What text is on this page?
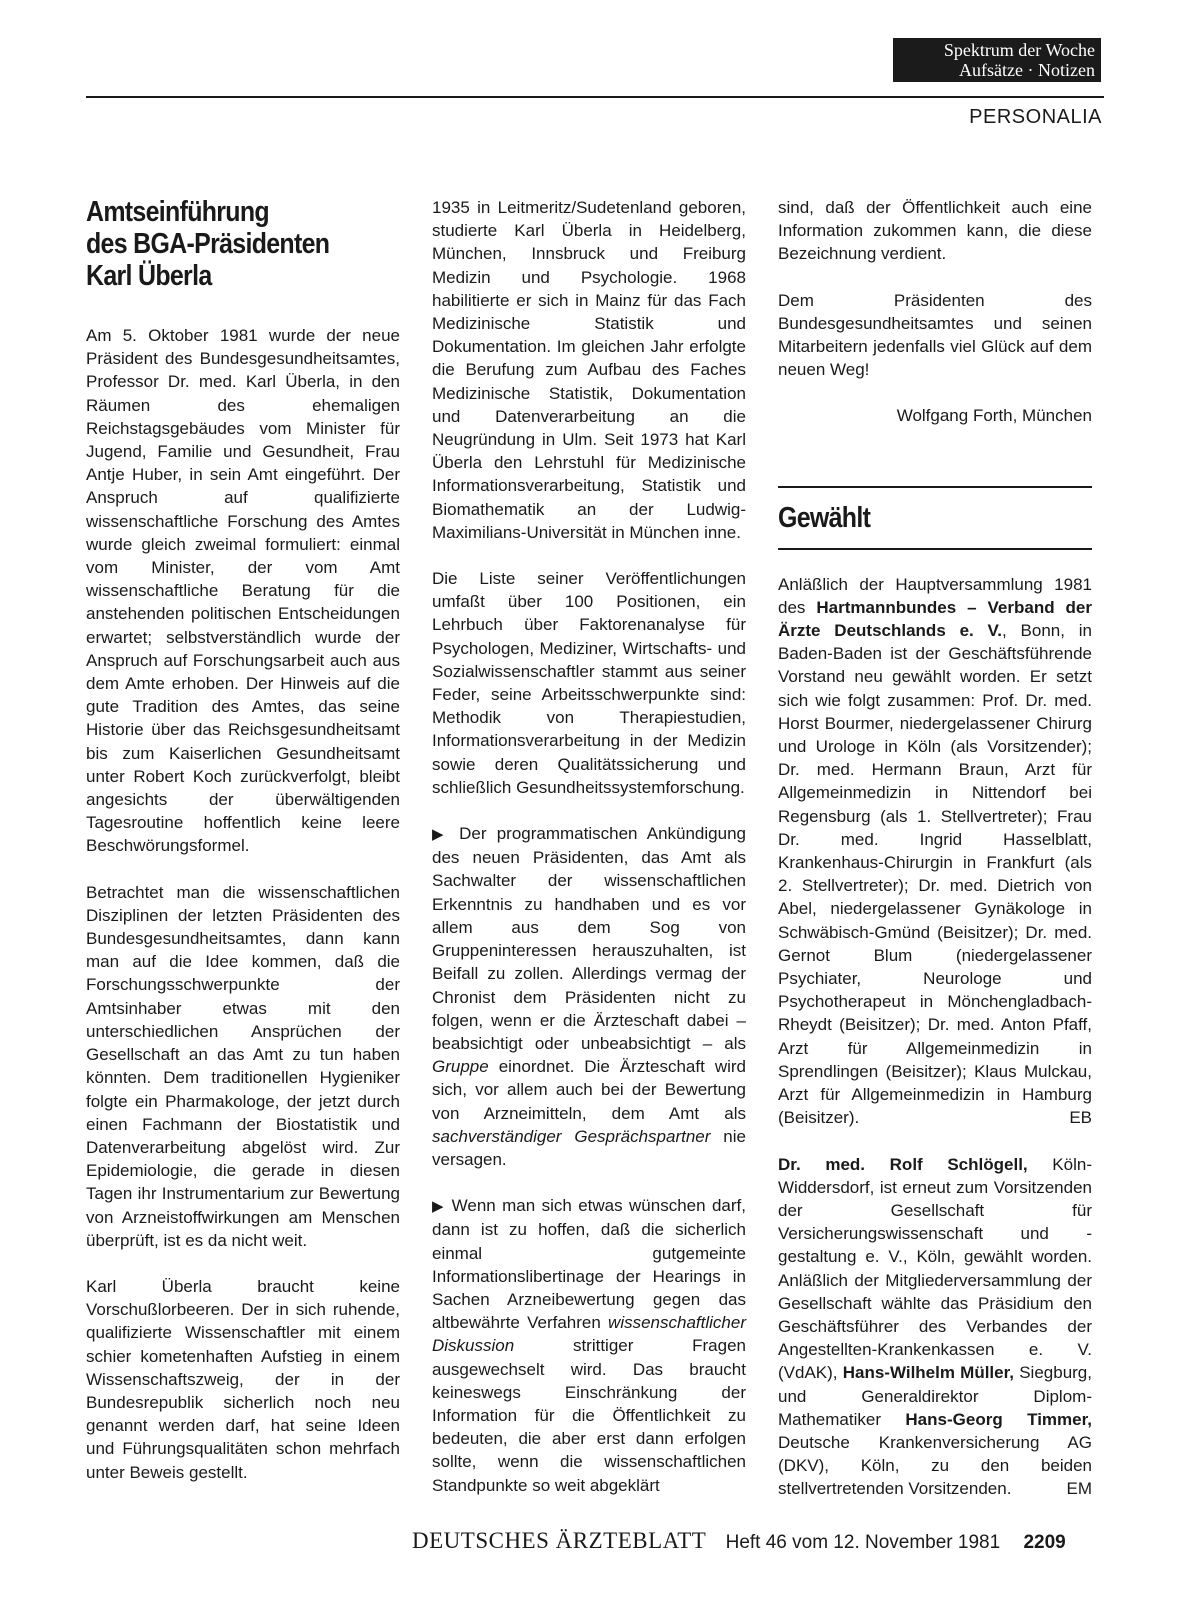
Spektrum der Woche
Aufsätze · Notizen
PERSONALIA
Amtseinführung
des BGA-Präsidenten
Karl Überla

Am 5. Oktober 1981 wurde der neue Präsident des Bundesgesundheitsamtes, Professor Dr. med. Karl Überla, in den Räumen des ehemaligen Reichstagsgebäudes vom Minister für Jugend, Familie und Gesundheit, Frau Antje Huber, in sein Amt eingeführt. Der Anspruch auf qualifizierte wissenschaftliche Forschung des Amtes wurde gleich zweimal formuliert: einmal vom Minister, der vom Amt wissenschaftliche Beratung für die anstehenden politischen Entscheidungen erwartet; selbstverständlich wurde der Anspruch auf Forschungsarbeit auch aus dem Amte erhoben. Der Hinweis auf die gute Tradition des Amtes, das seine Historie über das Reichsgesundheitsamt bis zum Kaiserlichen Gesundheitsamt unter Robert Koch zurückverfolgt, bleibt angesichts der überwältigenden Tagesroutine hoffentlich keine leere Beschwörungsformel.

Betrachtet man die wissenschaftlichen Disziplinen der letzten Präsidenten des Bundesgesundheitsamtes, dann kann man auf die Idee kommen, daß die Forschungsschwerpunkte der Amtsinhaber etwas mit den unterschiedlichen Ansprüchen der Gesellschaft an das Amt zu tun haben könnten. Dem traditionellen Hygieniker folgte ein Pharmakologe, der jetzt durch einen Fachmann der Biostatistik und Datenverarbeitung abgelöst wird. Zur Epidemiologie, die gerade in diesen Tagen ihr Instrumentarium zur Bewertung von Arzneistoffwirkungen am Menschen überprüft, ist es da nicht weit.

Karl Überla braucht keine Vorschußlorbeeren. Der in sich ruhende, qualifizierte Wissenschaftler mit einem schier kometenhaften Aufstieg in einem Wissenschaftszweig, der in der Bundesrepublik sicherlich noch neu genannt werden darf, hat seine Ideen und Führungsqualitäten schon mehrfach unter Beweis gestellt.

1935 in Leitmeritz/Sudetenland geboren, studierte Karl Überla in Heidelberg, München, Innsbruck und Freiburg Medizin und Psychologie. 1968 habilitierte er sich in Mainz für das Fach Medizinische Statistik und Dokumentation. Im gleichen Jahr erfolgte die Berufung zum Aufbau des Faches Medizinische Statistik, Dokumentation und Datenverarbeitung an die Neugründung in Ulm. Seit 1973 hat Karl Überla den Lehrstuhl für Medizinische Informationsverarbeitung, Statistik und Biomathematik an der Ludwig-Maximilians-Universität in München inne.

Die Liste seiner Veröffentlichungen umfaßt über 100 Positionen, ein Lehrbuch über Faktorenanalyse für Psychologen, Mediziner, Wirtschafts- und Sozialwissenschaftler stammt aus seiner Feder, seine Arbeitsschwerpunkte sind: Methodik von Therapiestudien, Informationsverarbeitung in der Medizin sowie deren Qualitätssicherung und schließlich Gesundheitssystemforschung.

▶ Der programmatischen Ankündigung des neuen Präsidenten, das Amt als Sachwalter der wissenschaftlichen Erkenntnis zu handhaben und es vor allem aus dem Sog von Gruppeninteressen herauszuhalten, ist Beifall zu zollen. Allerdings vermag der Chronist dem Präsidenten nicht zu folgen, wenn er die Ärzteschaft dabei – beabsichtigt oder unbeabsichtigt – als Gruppe einordnet. Die Ärzteschaft wird sich, vor allem auch bei der Bewertung von Arzneimitteln, dem Amt als sachverständiger Gesprächspartner nie versagen.

▶ Wenn man sich etwas wünschen darf, dann ist zu hoffen, daß die sicherlich einmal gutgemeinte Informationslibertinage der Hearings in Sachen Arzneibewertung gegen das altbewährte Verfahren wissenschaftlicher Diskussion strittiger Fragen ausgewechselt wird. Das braucht keineswegs Einschränkung der Information für die Öffentlichkeit zu bedeuten, die aber erst dann erfolgen sollte, wenn die wissenschaftlichen Standpunkte so weit abgeklärt

sind, daß der Öffentlichkeit auch eine Information zukommen kann, die diese Bezeichnung verdient.

Dem Präsidenten des Bundesgesundheitsamtes und seinen Mitarbeitern jedenfalls viel Glück auf dem neuen Weg!

Wolfgang Forth, München

Gewählt

Anläßlich der Hauptversammlung 1981 des Hartmannbundes – Verband der Ärzte Deutschlands e. V., Bonn, in Baden-Baden ist der Geschäftsführende Vorstand neu gewählt worden. Er setzt sich wie folgt zusammen: Prof. Dr. med. Horst Bourmer, niedergelassener Chirurg und Urologe in Köln (als Vorsitzender); Dr. med. Hermann Braun, Arzt für Allgemeinmedizin in Nittendorf bei Regensburg (als 1. Stellvertreter); Frau Dr. med. Ingrid Hasselblatt, Krankenhaus-Chirurgin in Frankfurt (als 2. Stellvertreter); Dr. med. Dietrich von Abel, niedergelassener Gynäkologe in Schwäbisch-Gmünd (Beisitzer); Dr. med. Gernot Blum (niedergelassener Psychiater, Neurologe und Psychotherapeut in Mönchengladbach-Rheydt (Beisitzer); Dr. med. Anton Pfaff, Arzt für Allgemeinmedizin in Sprendlingen (Beisitzer); Klaus Mulckau, Arzt für Allgemeinmedizin in Hamburg (Beisitzer).	EB

Dr. med. Rolf Schlögell, Köln-Widdersdorf, ist erneut zum Vorsitzenden der Gesellschaft für Versicherungswissenschaft und -gestaltung e. V., Köln, gewählt worden. Anläßlich der Mitgliederversammlung der Gesellschaft wählte das Präsidium den Geschäftsführer des Verbandes der Angestellten-Krankenkassen e. V. (VdAK), Hans-Wilhelm Müller, Siegburg, und Generaldirektor Diplom-Mathematiker Hans-Georg Timmer, Deutsche Krankenversicherung AG (DKV), Köln, zu den beiden stellvertretenden Vorsitzenden.	EM

DEUTSCHES ÄRZTEBLATT Heft 46 vom 12. November 1981 2209
